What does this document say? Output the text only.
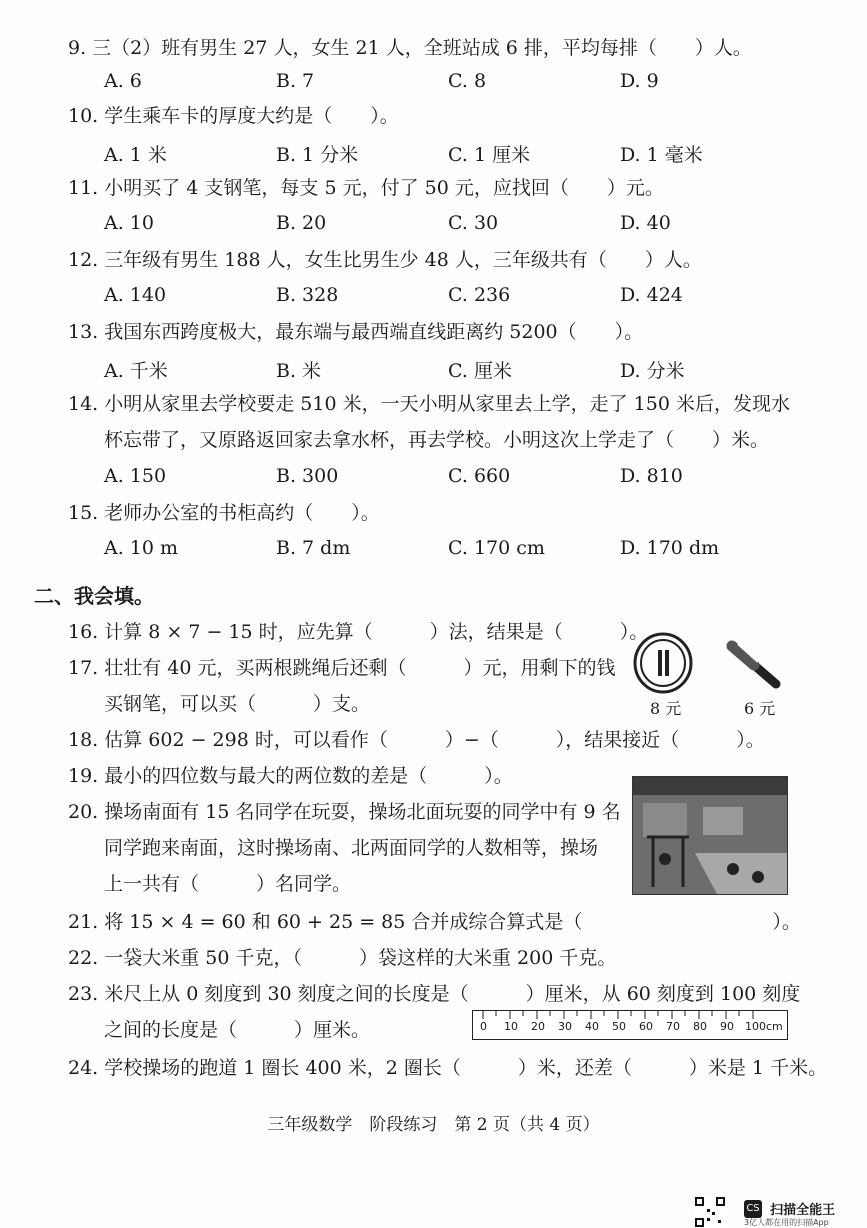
9. 三（2）班有男生 27 人，女生 21 人，全班站成 6 排，平均每排（　　）人。
A. 6	B. 7	C. 8	D. 9
10. 学生乘车卡的厚度大约是（　　）。
A. 1 米	B. 1 分米	C. 1 厘米	D. 1 毫米
11. 小明买了 4 支钢笔，每支 5 元，付了 50 元，应找回（　　）元。
A. 10	B. 20	C. 30	D. 40
12. 三年级有男生 188 人，女生比男生少 48 人，三年级共有（　　）人。
A. 140	B. 328	C. 236	D. 424
13. 我国东西跨度极大，最东端与最西端直线距离约 5200（　　）。
A. 千米	B. 米	C. 厘米	D. 分米
14. 小明从家里去学校要走 510 米，一天小明从家里去上学，走了 150 米后，发现水
杯忘带了，又原路返回家去拿水杯，再去学校。小明这次上学走了（　　）米。
A. 150	B. 300	C. 660	D. 810
15. 老师办公室的书柜高约（　　）。
A. 10 m	B. 7 dm	C. 170 cm	D. 170 dm
二、我会填。
16. 计算 8 × 7 − 15 时，应先算（　　　）法，结果是（　　　）。
17. 壮壮有 40 元，买两根跳绳后还剩（　　　）元，用剩下的钱
买钢笔，可以买（　　　）支。	8 元	6 元
18. 估算 602 − 298 时，可以看作（　　　）−（　　　），结果接近（　　　）。
19. 最小的四位数与最大的两位数的差是（　　　）。
20. 操场南面有 15 名同学在玩耍，操场北面玩耍的同学中有 9 名
同学跑来南面，这时操场南、北两面同学的人数相等，操场
上一共有（　　　）名同学。
21. 将 15 × 4 = 60 和 60 + 25 = 85 合并成综合算式是（　　　　　　　　　　）。
22. 一袋大米重 50 千克，（　　　）袋这样的大米重 200 千克。
23. 米尺上从 0 刻度到 30 刻度之间的长度是（　　　）厘米，从 60 刻度到 100 刻度
之间的长度是（　　　）厘米。	0 10 20 30 40 50 60 70 80 90 100cm
24. 学校操场的跑道 1 圈长 400 米，2 圈长（　　　）米，还差（　　　）米是 1 千米。
三年级数学　阶段练习　第 2 页（共 4 页）
CS 扫描全能王
3亿人都在用的扫描App
